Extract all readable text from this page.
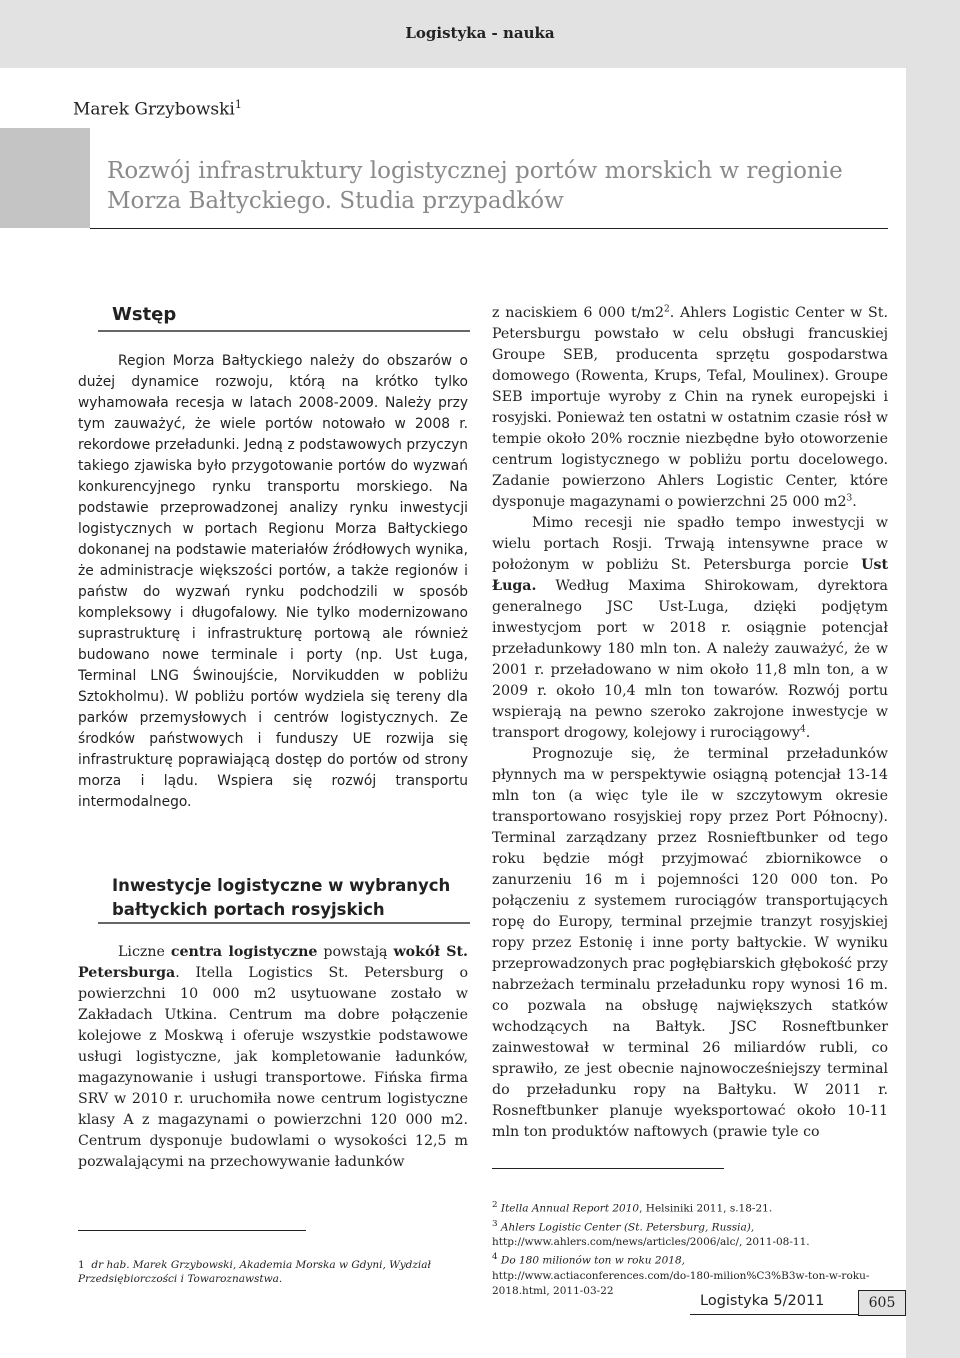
Logistyka - nauka
Marek Grzybowski$^1$
Rozwój infrastruktury logistycznej portów morskich w regionie
Morza Bałtyckiego. Studia przypadków
Wstęp

Region Morza Bałtyckiego należy do obszarów o dużej dynamice rozwoju, którą na krótko tylko wyhamowała recesja w latach 2008-2009. Należy przy tym zauważyć, że wiele portów notowało w 2008 r. rekordowe przeładunki. Jedną z podstawowych przyczyn takiego zjawiska było przygotowanie portów do wyzwań konkurencyjnego rynku transportu morskiego. Na podstawie przeprowadzonej analizy rynku inwestycji logistycznych w portach Regionu Morza Bałtyckiego dokonanej na podstawie materiałów źródłowych wynika, że administracje większości portów, a także regionów i państw do wyzwań rynku podchodzili w sposób kompleksowy i długofalowy. Nie tylko modernizowano suprastrukturę i infrastrukturę portową ale również budowano nowe terminale i porty (np. Ust Ługa, Terminal LNG Świnoujście, Norvikudden w pobliżu Sztokholmu). W pobliżu portów wydziela się tereny dla parków przemysłowych i centrów logistycznych. Ze środków państwowych i funduszy UE rozwija się infrastrukturę poprawiającą dostęp do portów od strony morza i lądu. Wspiera się rozwój transportu intermodalnego.

Inwestycje logistyczne w wybranych bałtyckich portach rosyjskich

Liczne centra logistyczne powstają wokół St. Petersburga. Itella Logistics St. Petersburg o powierzchni 10 000 m2 usytuowane zostało w Zakładach Utkina. Centrum ma dobre połączenie kolejowe z Moskwą i oferuje wszystkie podstawowe usługi logistyczne, jak kompletowanie ładunków, magazynowanie i usługi transportowe. Fińska firma SRV w 2010 r. uruchomiła nowe centrum logistyczne klasy A z magazynami o powierzchni 120 000 m2. Centrum dysponuje budowlami o wysokości 12,5 m pozwalającymi na przechowywanie ładunków

z naciskiem 6 000 $t/m2^2$. Ahlers Logistic Center w St. Petersburgu powstało w celu obsługi francuskiej Groupe SEB, producenta sprzętu gospodarstwa domowego (Rowenta, Krups, Tefal, Moulinex). Groupe SEB importuje wyroby z Chin na rynek europejski i rosyjski. Ponieważ ten ostatni w ostatnim czasie rósł w tempie około 20% rocznie niezbędne było otoworzenie centrum logistycznego w pobliżu portu docelowego. Zadanie powierzono Ahlers Logistic Center, które dysponuje magazynami o powierzchni 25 000 $m2^3$.

Mimo recesji nie spadło tempo inwestycji w wielu portach Rosji. Trwają intensywne prace w położonym w pobliżu St. Petersburga porcie Ust Ługa. Według Maxima Shirokowam, dyrektora generalnego JSC Ust-Luga, dzięki podjętym inwestycjom port w 2018 r. osiągnie potencjał przeładunkowy 180 mln ton. A należy zauważyć, że w 2001 r. przeładowano w nim około 11,8 mln ton, a w 2009 r. około 10,4 mln ton towarów. Rozwój portu wspierają na pewno szeroko zakrojone inwestycje w transport drogowy, kolejowy i rurociągowy$^4$.

Prognozuje się, że terminal przeładunków płynnych ma w perspektywie osiągną potencjał 13-14 mln ton (a więc tyle ile w szczytowym okresie transportowano rosyjskiej ropy przez Port Północny). Terminal zarządzany przez Rosnieftbunker od tego roku będzie mógł przyjmować zbiornikowce o zanurzeniu 16 m i pojemności 120 000 ton. Po połączeniu z systemem rurociągów transportujących ropę do Europy, terminal przejmie tranzyt rosyjskiej ropy przez Estonię i inne porty bałtyckie. W wyniku przeprowadzonych prac pogłębiarskich głębokość przy nabrzeżach terminalu przeładunku ropy wynosi 16 m. co pozwala na obsługę największych statków wchodzących na Bałtyk. JSC Rosneftbunker zainwestował w terminal 26 miliardów rubli, co sprawiło, ze jest obecnie najnowocześniejszy terminal do przeładunku ropy na Bałtyku. W 2011 r. Rosneftbunker planuje wyeksportować około 10-11 mln ton produktów naftowych (prawie tyle co

1 dr hab. Marek Grzybowski, Akademia Morska w Gdyni, Wydział Przedsiębiorczości i Towaroznawstwa.

$^2$ Itella Annual Report 2010, Helsiniki 2011, s.18-21.

$^3$ Ahlers Logistic Center (St. Petersburg, Russia),

http://www.ahlers.com/news/articles/2006/alc/, 2011-08-11.

$^4$ Do 180 milionów ton w roku 2018,

http://www.actiaconferences.com/do-180-milion%C3%B3w-ton-w-roku-2018.html, 2011-03-22

Logistyka 5/2011	605
